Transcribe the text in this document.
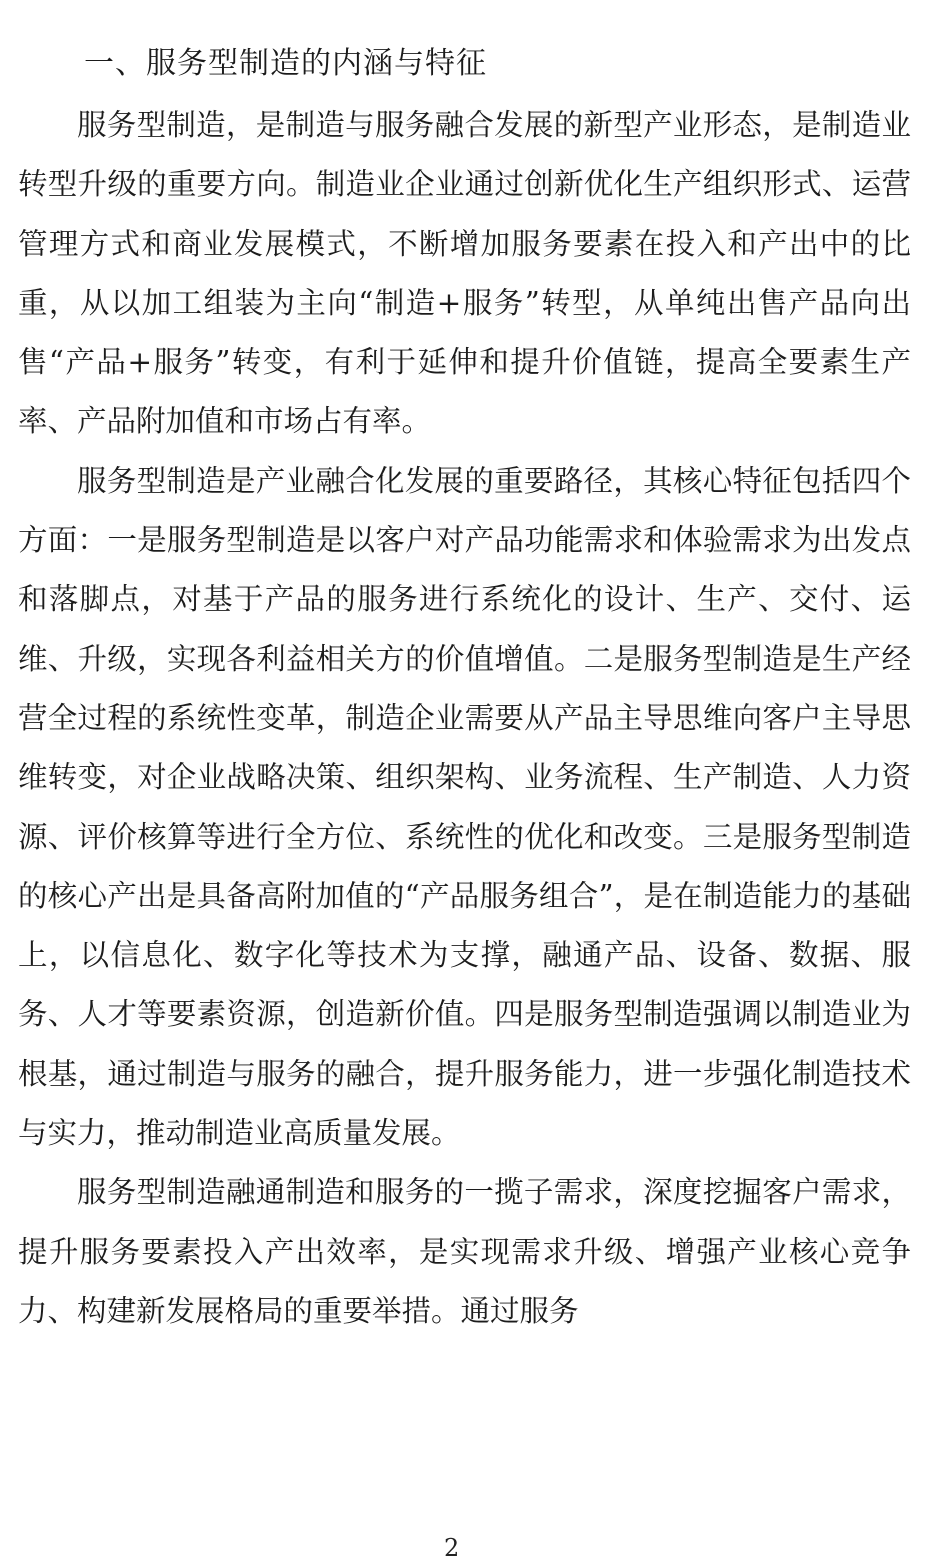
一、服务型制造的内涵与特征

服务型制造，是制造与服务融合发展的新型产业形态，是制造业转型升级的重要方向。制造业企业通过创新优化生产组织形式、运营管理方式和商业发展模式，不断增加服务要素在投入和产出中的比重，从以加工组装为主向“制造+服务”转型，从单纯出售产品向出售“产品+服务”转变，有利于延伸和提升价值链，提高全要素生产率、产品附加值和市场占有率。

服务型制造是产业融合化发展的重要路径，其核心特征包括四个方面：一是服务型制造是以客户对产品功能需求和体验需求为出发点和落脚点，对基于产品的服务进行系统化的设计、生产、交付、运维、升级，实现各利益相关方的价值增值。二是服务型制造是生产经营全过程的系统性变革，制造企业需要从产品主导思维向客户主导思维转变，对企业战略决策、组织架构、业务流程、生产制造、人力资源、评价核算等进行全方位、系统性的优化和改变。三是服务型制造的核心产出是具备高附加值的“产品服务组合”，是在制造能力的基础上，以信息化、数字化等技术为支撑，融通产品、设备、数据、服务、人才等要素资源，创造新价值。四是服务型制造强调以制造业为根基，通过制造与服务的融合，提升服务能力，进一步强化制造技术与实力，推动制造业高质量发展。

服务型制造融通制造和服务的一揽子需求，深度挖掘客户需求，提升服务要素投入产出效率，是实现需求升级、增强产业核心竞争力、构建新发展格局的重要举措。通过服务

2
